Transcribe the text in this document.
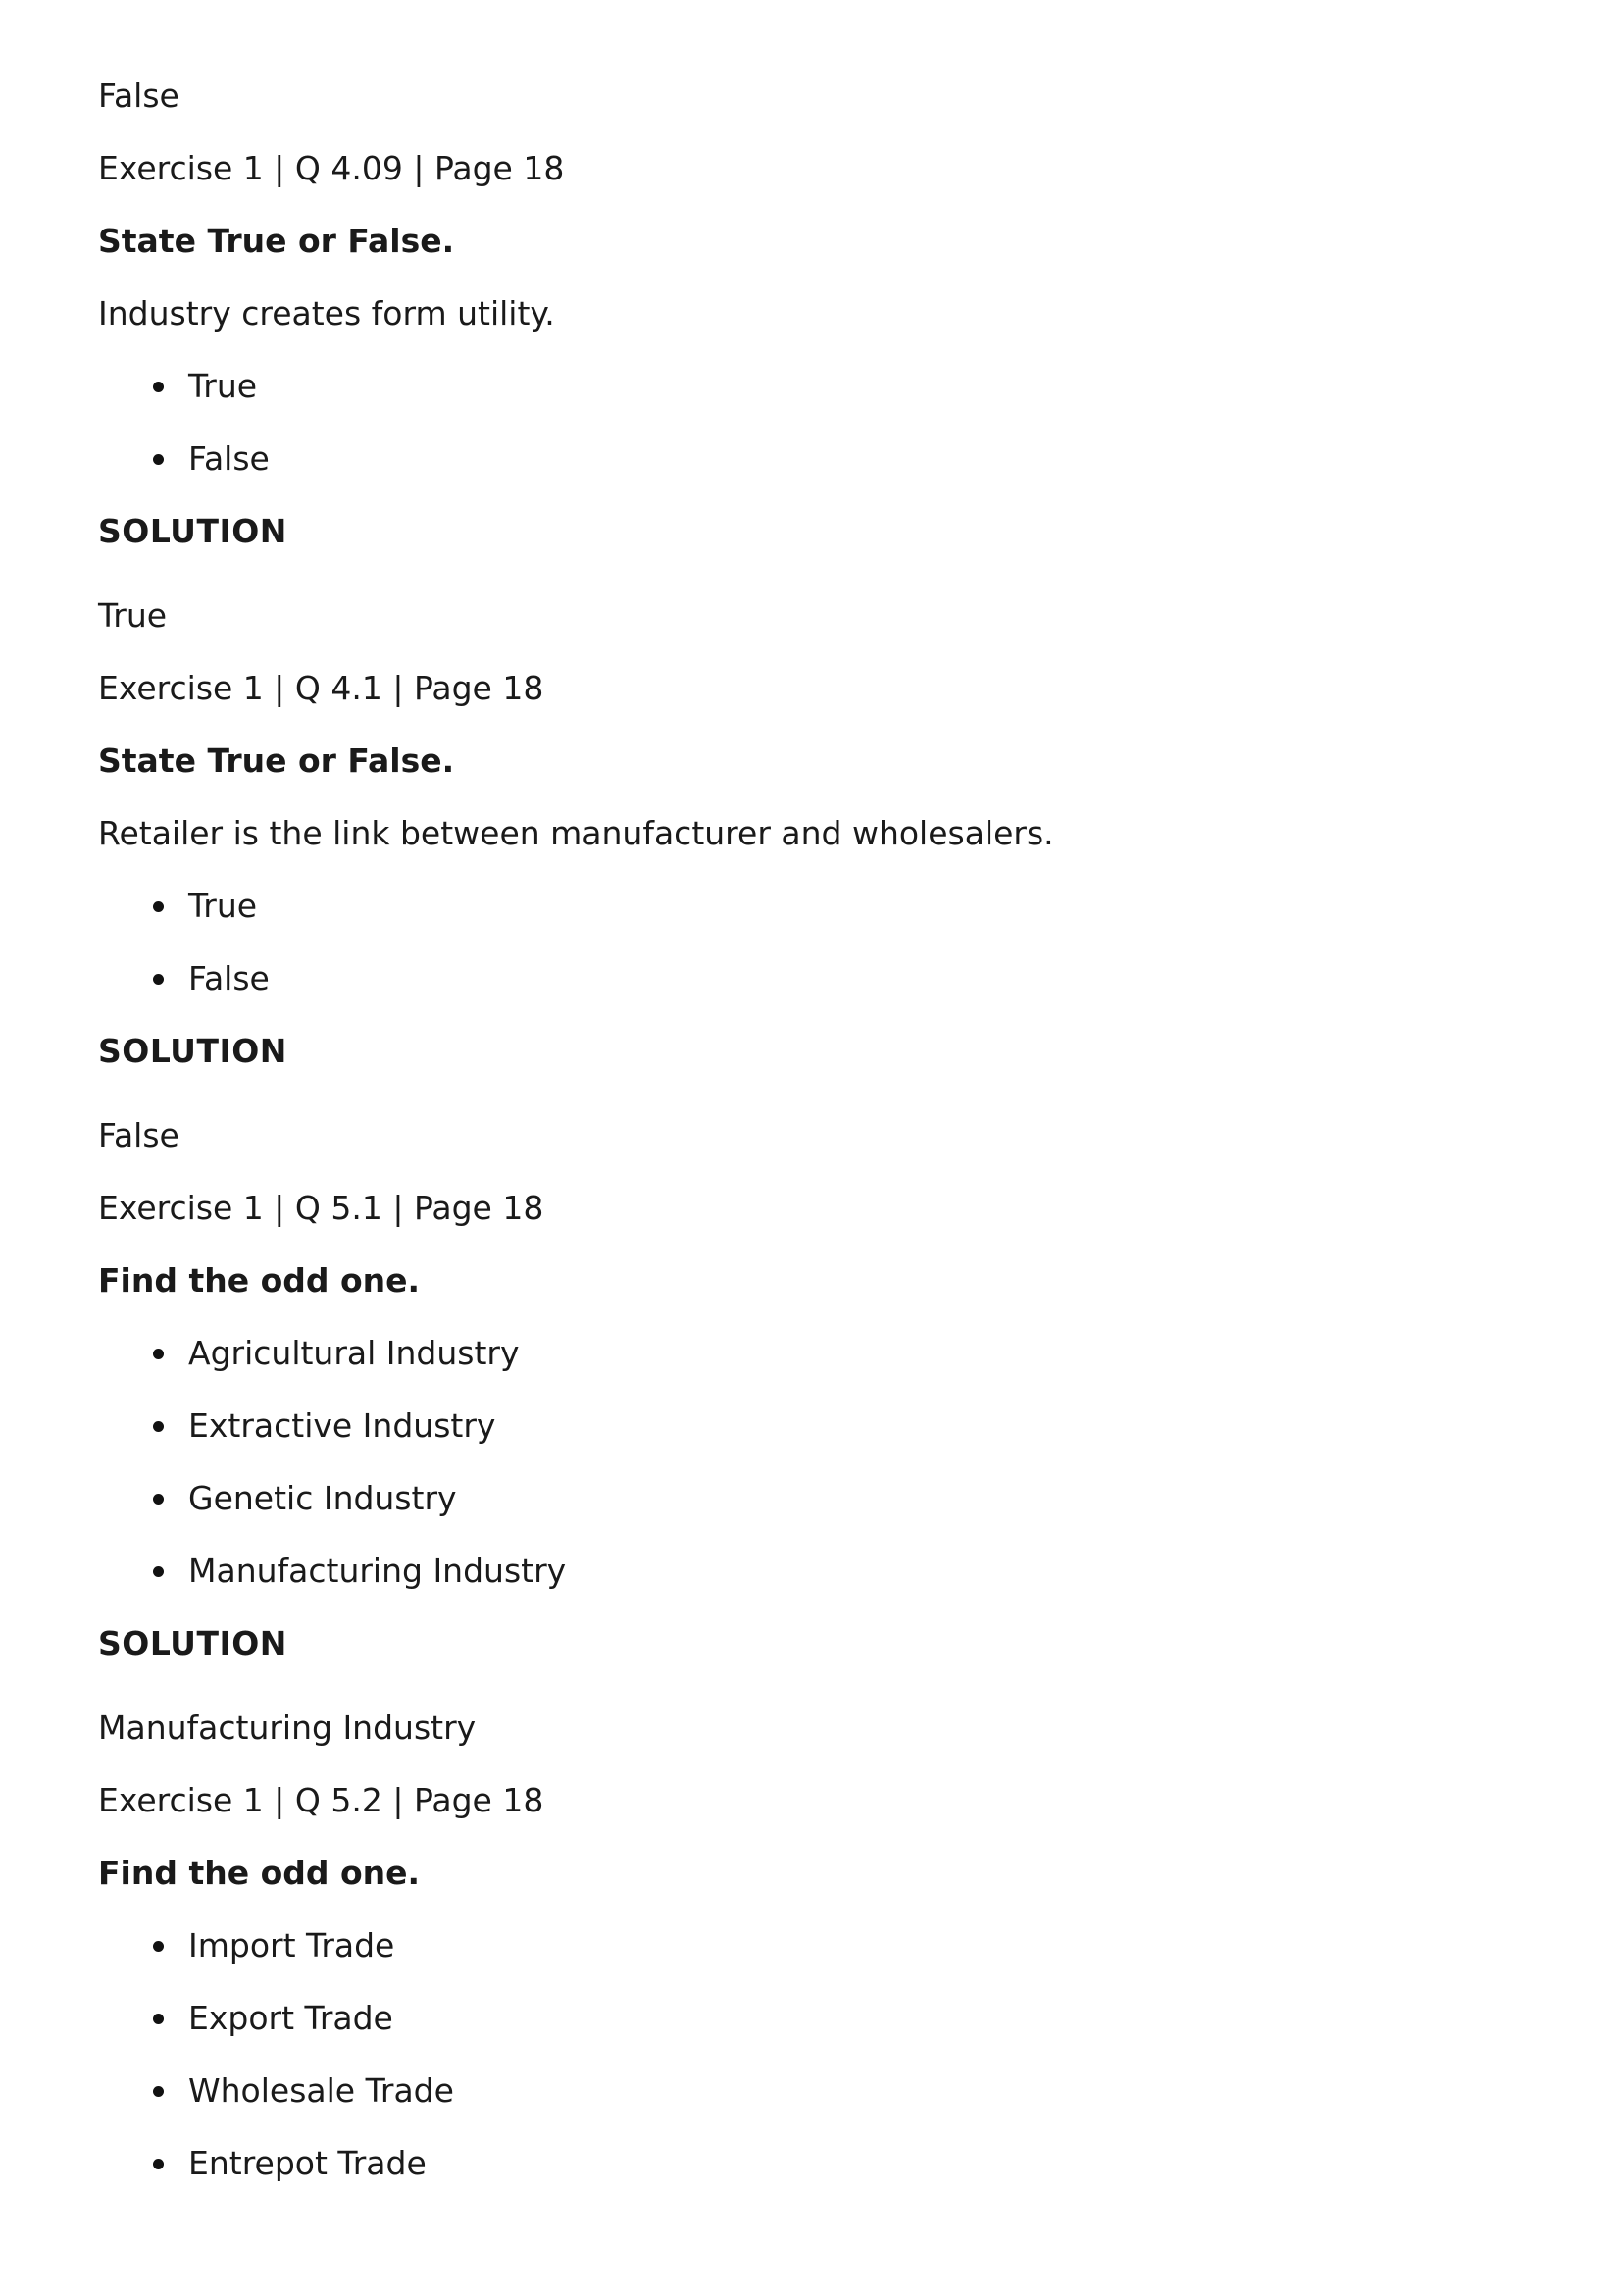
False

Exercise 1 | Q 4.09 | Page 18

State True or False.

Industry creates form utility.

True
False

SOLUTION

True

Exercise 1 | Q 4.1 | Page 18

State True or False.

Retailer is the link between manufacturer and wholesalers.

True
False

SOLUTION

False

Exercise 1 | Q 5.1 | Page 18

Find the odd one.

Agricultural Industry
Extractive Industry
Genetic Industry
Manufacturing Industry

SOLUTION

Manufacturing Industry

Exercise 1 | Q 5.2 | Page 18

Find the odd one.

Import Trade
Export Trade
Wholesale Trade
Entrepot Trade
